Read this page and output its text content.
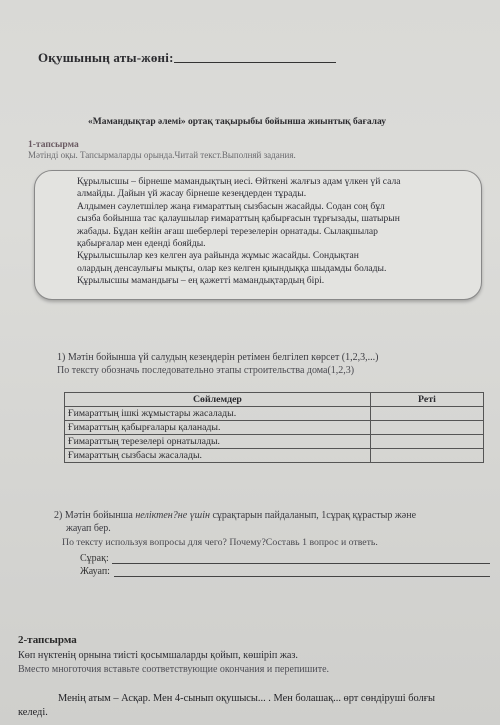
Оқушының аты-жөні:
«Мамандықтар әлемі» ортақ тақырыбы бойынша жиынтық бағалау
1-тапсырма
Мәтінді оқы. Тапсырмаларды орында.Читай текст.Выполняй задания.
Құрылысшы – бірнеше мамандықтың иесі. Өйткені жалғыз адам үлкен үй сала
алмайды. Дайын үй жасау бірнеше кезеңдерден тұрады.
Алдымен сәулетшілер жаңа ғимараттың сызбасын жасайды. Содан соң бұл
сызба бойынша тас қалаушылар ғимараттың қабырғасын тұрғызады, шатырын
жабады. Бұдан кейін ағаш шеберлері терезелерін орнатады. Сылақшылар
қабырғалар мен еденді бояйды.
Құрылысшылар кез келген ауа райында жұмыс жасайды. Сондықтан
олардың денсаулығы мықты, олар кез келген қиындыққа шыдамды болады.
Құрылысшы мамандығы – ең қажетті мамандықтардың бірі.
1) Мәтін бойынша үй салудың кезеңдерін ретімен белгілеп көрсет (1,2,3,...)
По тексту обозначь последовательно этапы строительства дома(1,2,3)
Сөйлемдер	Реті
Ғимараттың ішкі жұмыстары жасалады.	
Ғимараттың қабырғалары қаланады.	
Ғимараттың терезелері орнатылады.	
Ғимараттың сызбасы жасалады.	
2) Мәтін бойынша неліктен?не үшін сұрақтарын пайдаланып, 1сұрақ құрастыр және
жауап бер.
По тексту используя вопросы для чего? Почему?Составь 1 вопрос и ответь.
Сұрақ:
Жауап:
2-тапсырма
Көп нүктенің орнына тиісті қосымшаларды қойып, көшіріп жаз.
Вместо многоточия вставьте соответствующие окончания и перепишите.
Менің атым – Асқар. Мен 4-сынып оқушысы... . Мен болашақ... өрт сөндіруші болғы
келеді.
